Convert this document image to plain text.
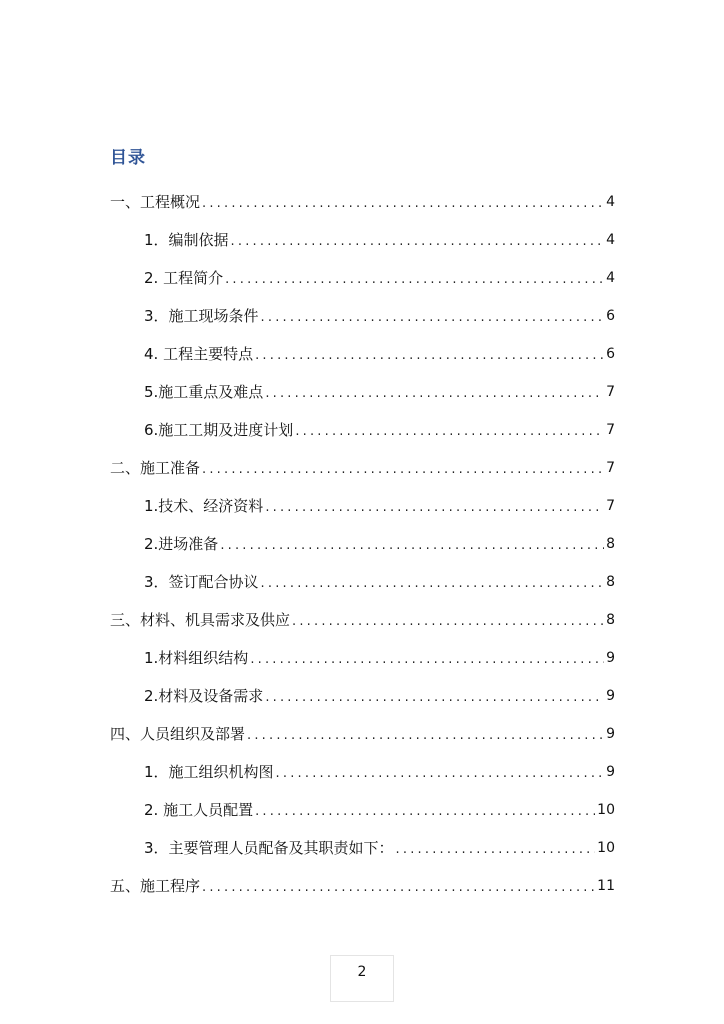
目录
一、工程概况 .....	4
1．编制依据 .....	4
2. 工程简介 .....	4
3．施工现场条件 .....	6
4. 工程主要特点 .....	6
5.施工重点及难点 .....	7
6.施工工期及进度计划 .....	7
二、施工准备 .....	7
1.技术、经济资料 .....	7
2.进场准备 .....	8
3．签订配合协议 .....	8
三、材料、机具需求及供应 .....	8
1.材料组织结构 .....	9
2.材料及设备需求 .....	9
四、人员组织及部署 .....	9
1．施工组织机构图 .....	9
2. 施工人员配置 .....	10
3．主要管理人员配备及其职责如下： .....	10
五、施工程序 .....	11
2
